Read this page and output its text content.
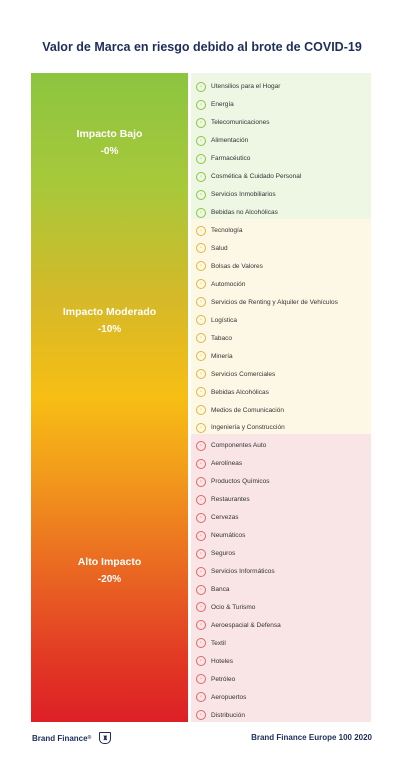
Valor de Marca en riesgo debido al brote de COVID-19
Impacto Bajo
-0%
Impacto Moderado
-10%
Alto Impacto
-20%
◦	Utensilios para el Hogar
◦	Energía
◦	Telecomunicaciones
◦	Alimentación
◦	Farmacéutico
◦	Cosmética & Cuidado Personal
◦	Servicios Inmobiliarios
◦	Bebidas no Alcohólicas
◦	Tecnología
◦	Salud
◦	Bolsas de Valores
◦	Automoción
◦	Servicios de Renting y Alquiler de Vehículos
◦	Logística
◦	Tabaco
◦	Minería
◦	Servicios Comerciales
◦	Bebidas Alcohólicas
◦	Medios de Comunicación
◦	Ingeniería y Construcción
◦	Componentes Auto
◦	Aerolíneas
◦	Productos Químicos
◦	Restaurantes
◦	Cervezas
◦	Neumáticos
◦	Seguros
◦	Servicios Informáticos
◦	Banca
◦	Ocio & Turismo
◦	Aeroespacial & Defensa
◦	Textil
◦	Hoteles
◦	Petróleo
◦	Aeropuertos
◦	Distribución
Brand Finance ®	♜	Brand Finance Europe 100 2020
